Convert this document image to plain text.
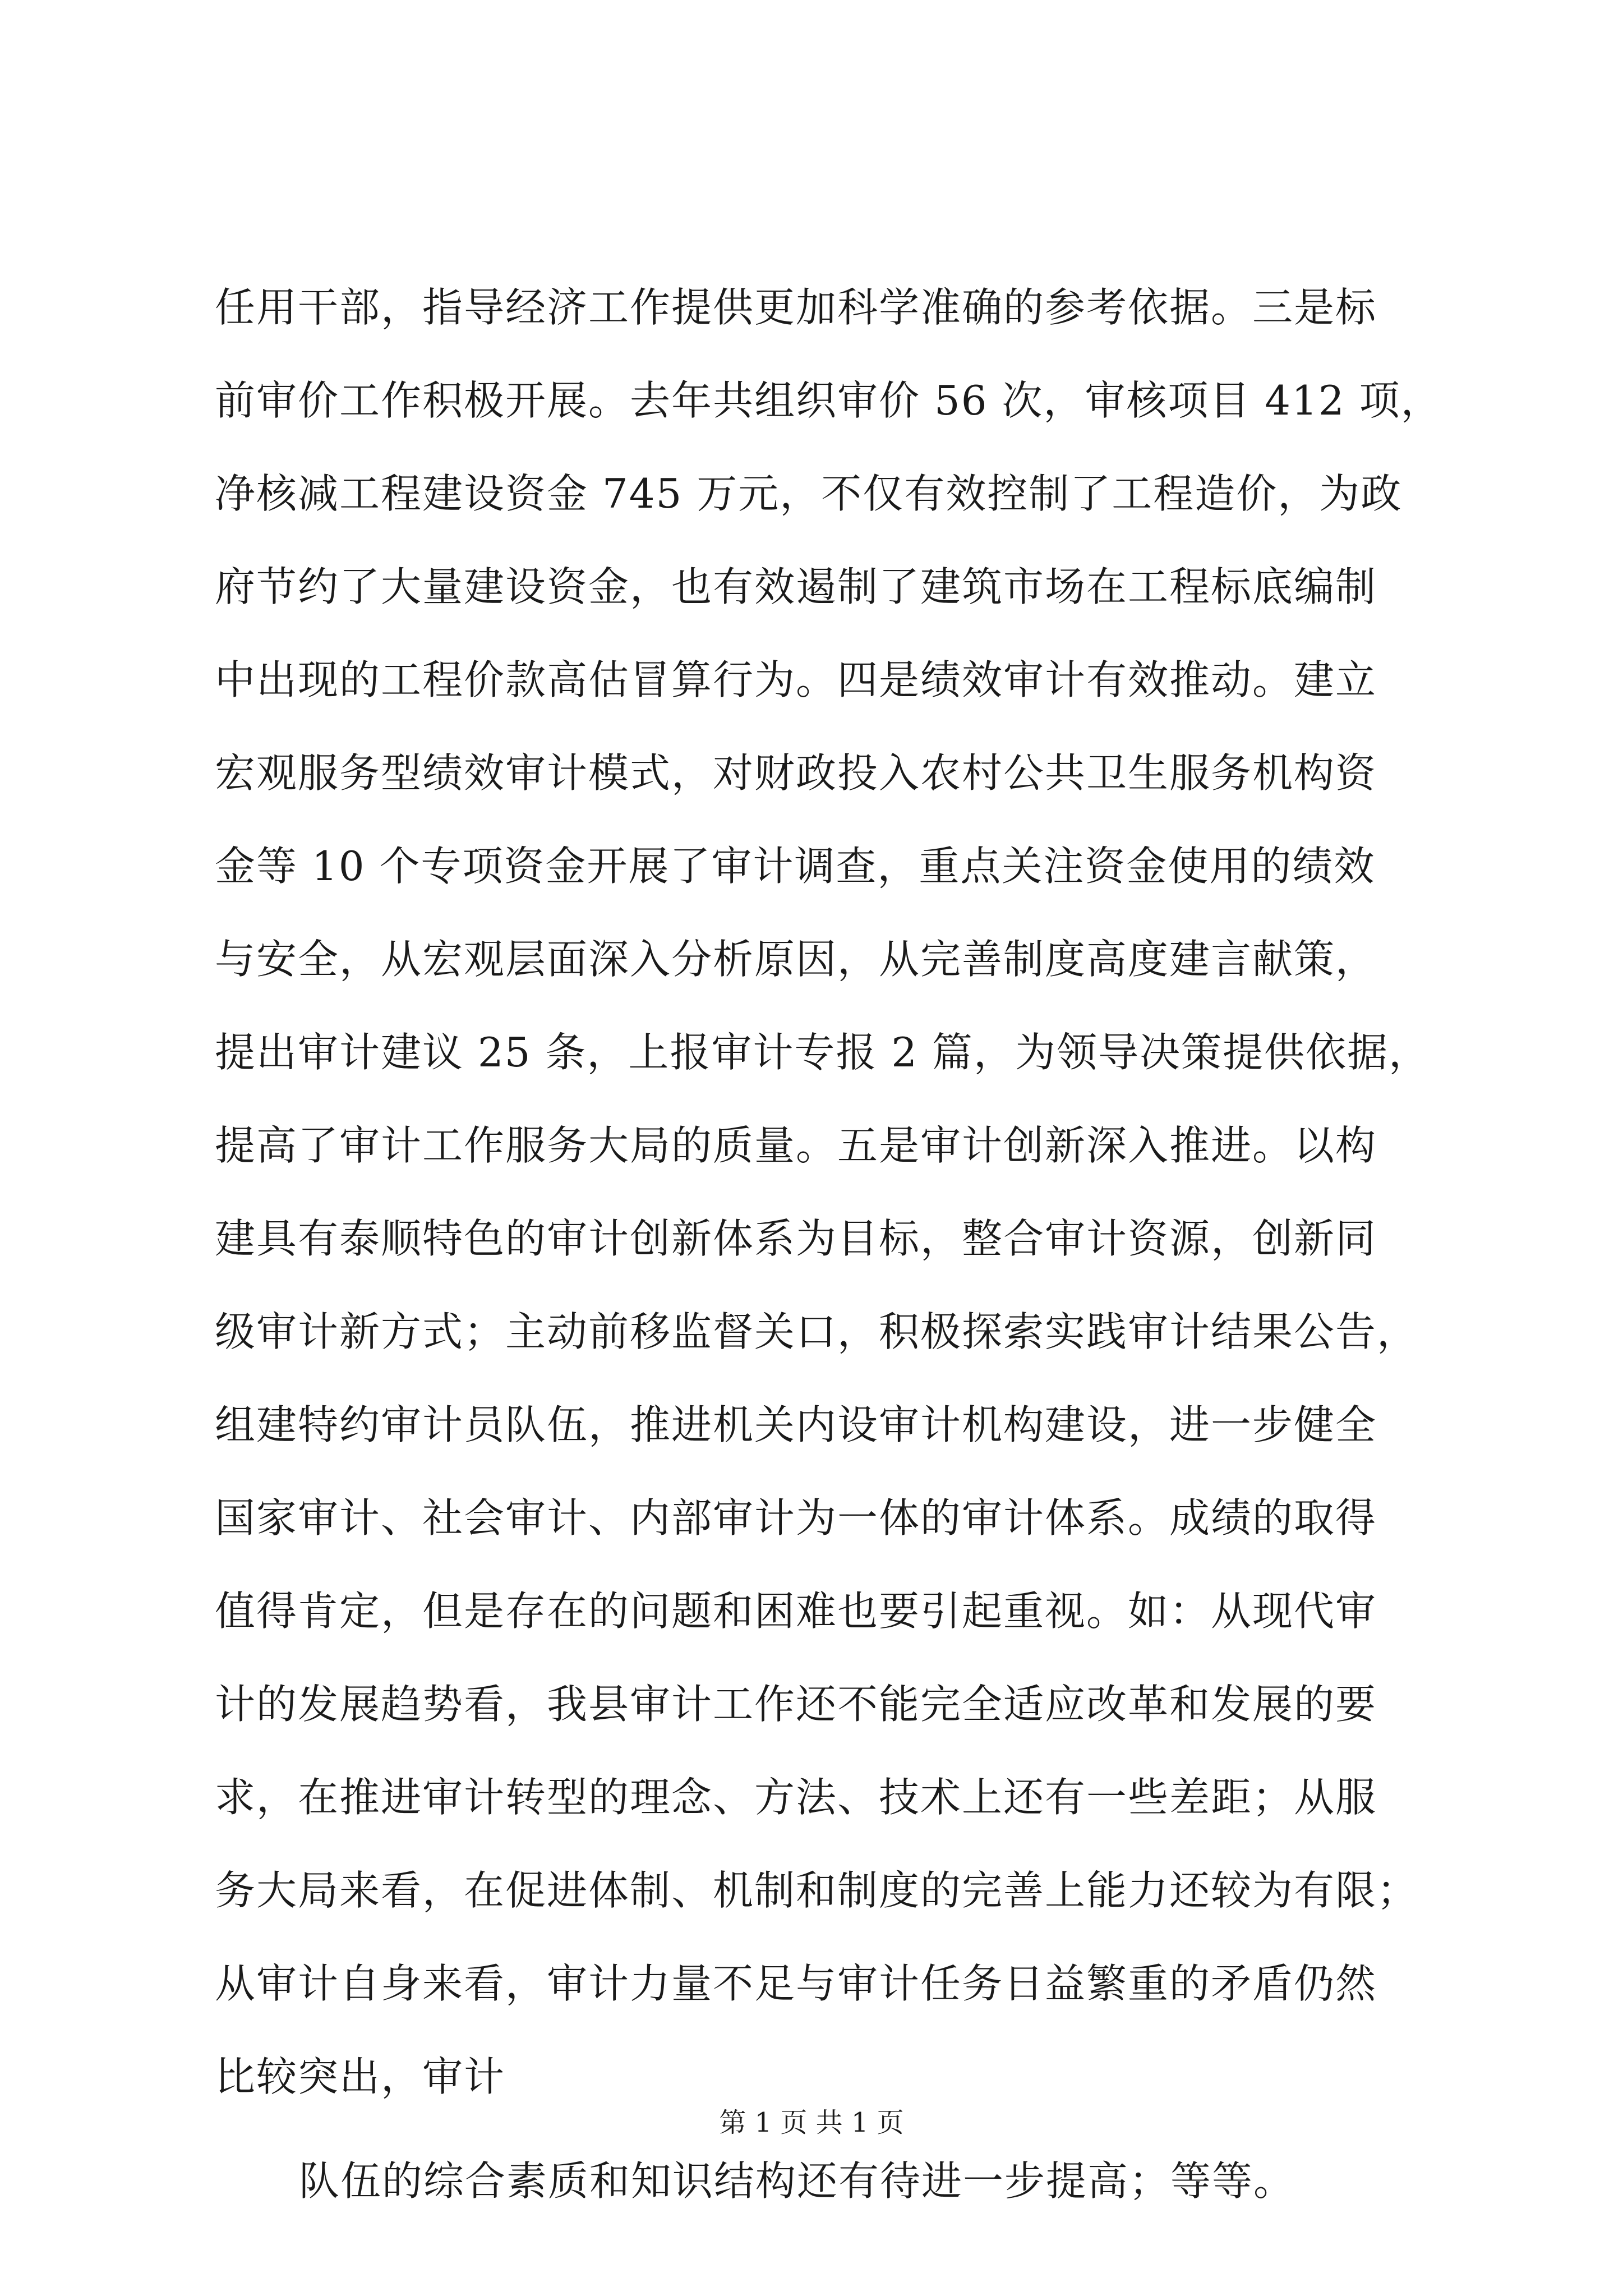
任用干部，指导经济工作提供更加科学准确的参考依据。三是标
前审价工作积极开展。去年共组织审价 56 次，审核项目 412 项，
净核减工程建设资金 745 万元，不仅有效控制了工程造价，为政
府节约了大量建设资金，也有效遏制了建筑市场在工程标底编制
中出现的工程价款高估冒算行为。四是绩效审计有效推动。建立
宏观服务型绩效审计模式，对财政投入农村公共卫生服务机构资
金等 10 个专项资金开展了审计调查，重点关注资金使用的绩效
与安全，从宏观层面深入分析原因，从完善制度高度建言献策，
提出审计建议 25 条，上报审计专报 2 篇，为领导决策提供依据，
提高了审计工作服务大局的质量。五是审计创新深入推进。以构
建具有泰顺特色的审计创新体系为目标，整合审计资源，创新同
级审计新方式；主动前移监督关口，积极探索实践审计结果公告，
组建特约审计员队伍，推进机关内设审计机构建设，进一步健全
国家审计、社会审计、内部审计为一体的审计体系。成绩的取得
值得肯定，但是存在的问题和困难也要引起重视。如：从现代审
计的发展趋势看，我县审计工作还不能完全适应改革和发展的要
求，在推进审计转型的理念、方法、技术上还有一些差距；从服
务大局来看，在促进体制、机制和制度的完善上能力还较为有限；
从审计自身来看，审计力量不足与审计任务日益繁重的矛盾仍然
比较突出，审计
队伍的综合素质和知识结构还有待进一步提高；等等。
第 1 页 共 1 页
